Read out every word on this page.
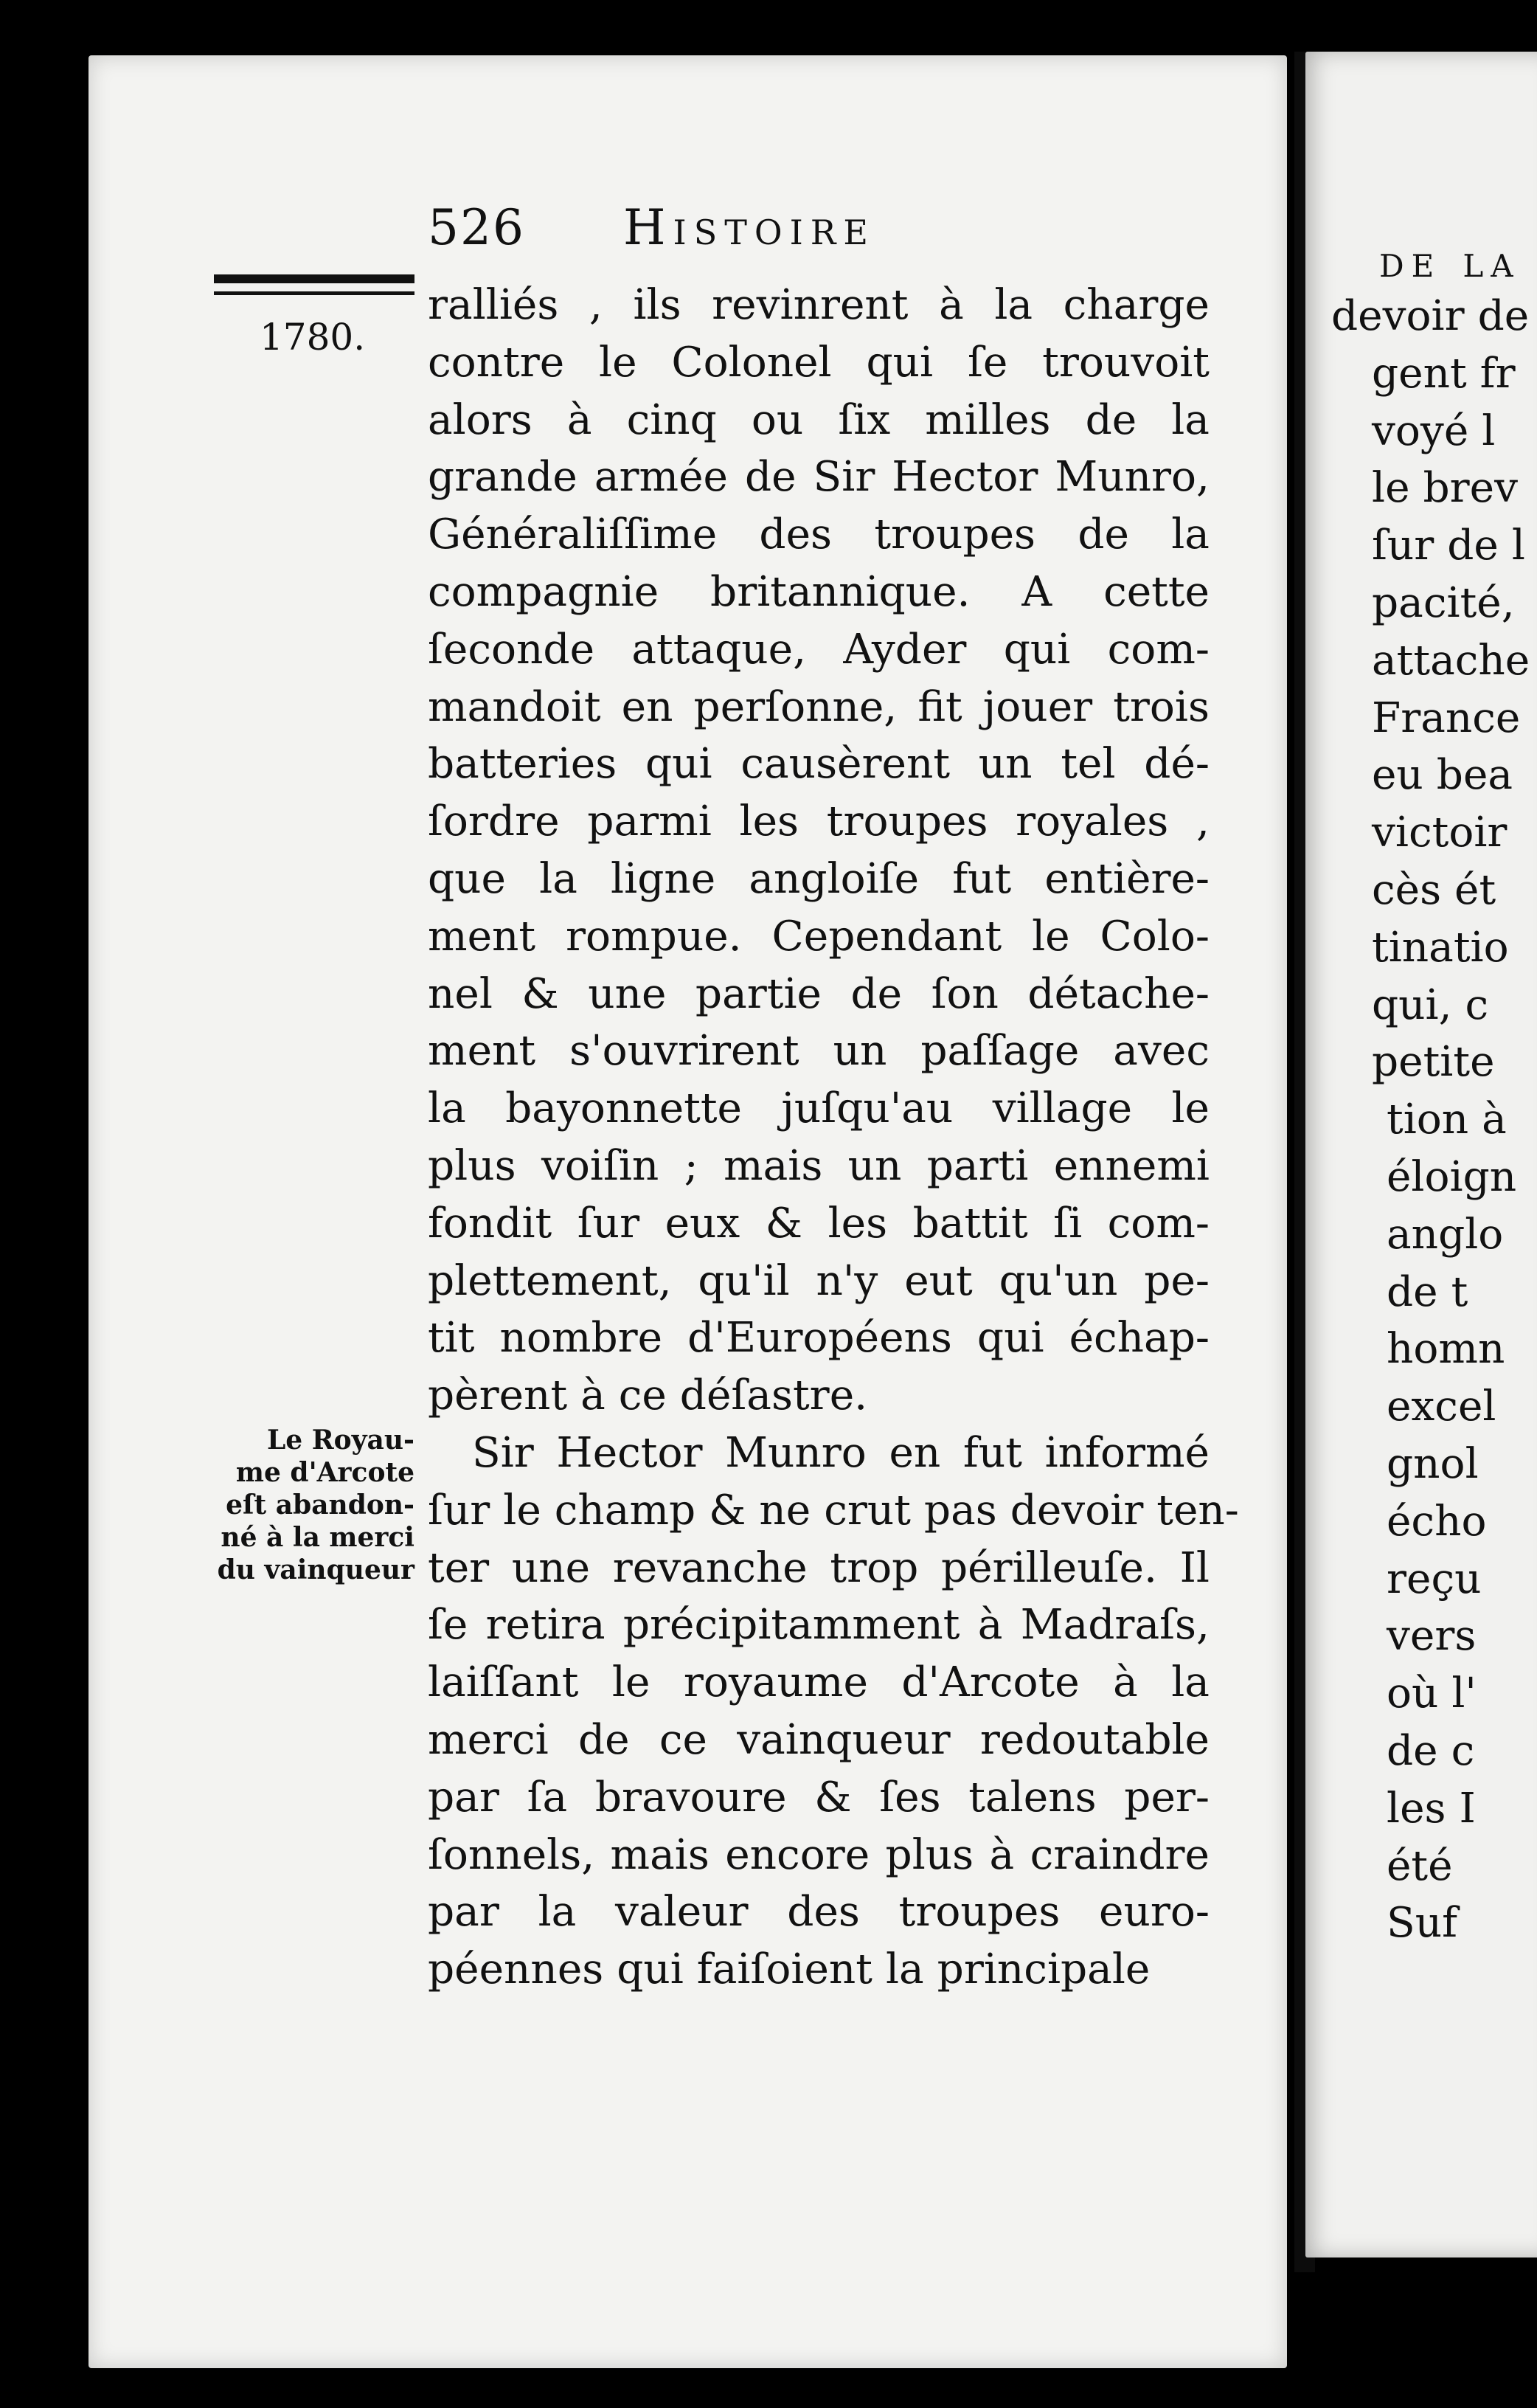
526 Histoire
1780.
ralliés , ils revinrent à la charge
contre le Colonel qui ſe trouvoit
alors à cinq ou ſix milles de la
grande armée de Sir Hector Munro,
Généraliſſime des troupes de la
compagnie britannique. A cette
ſeconde attaque, Ayder qui com-
mandoit en perſonne, fit jouer trois
batteries qui causèrent un tel dé-
ſordre parmi les troupes royales ,
que la ligne angloiſe fut entière-
ment rompue. Cependant le Colo-
nel & une partie de ſon détache-
ment s'ouvrirent un paſſage avec
la bayonnette juſqu'au village le
plus voiſin ; mais un parti ennemi
fondit ſur eux & les battit ſi com-
plettement, qu'il n'y eut qu'un pe-
tit nombre d'Européens qui échap-
pèrent à ce déſastre.
Sir Hector Munro en fut informé
ſur le champ & ne crut pas devoir ten-
ter une revanche trop périlleuſe. Il
ſe retira précipitamment à Madraſs,
laiſſant le royaume d'Arcote à la
merci de ce vainqueur redoutable
par ſa bravoure & ſes talens per-
ſonnels, mais encore plus à craindre
par la valeur des troupes euro-
péennes qui faiſoient la principale
Le Royau-
me d'Arcote
eſt abandon-
né à la merci
du vainqueur
de la
devoir de
gent fr
voyé l
le brev
ſur de l
pacité,
attache
France
eu bea
victoir
cès ét
tinatio
qui, c
petite
tion à
éloign
anglo
de t
homn
excel
gnol
écho
reçu
vers
où l'
de c
les I
été
Suf
